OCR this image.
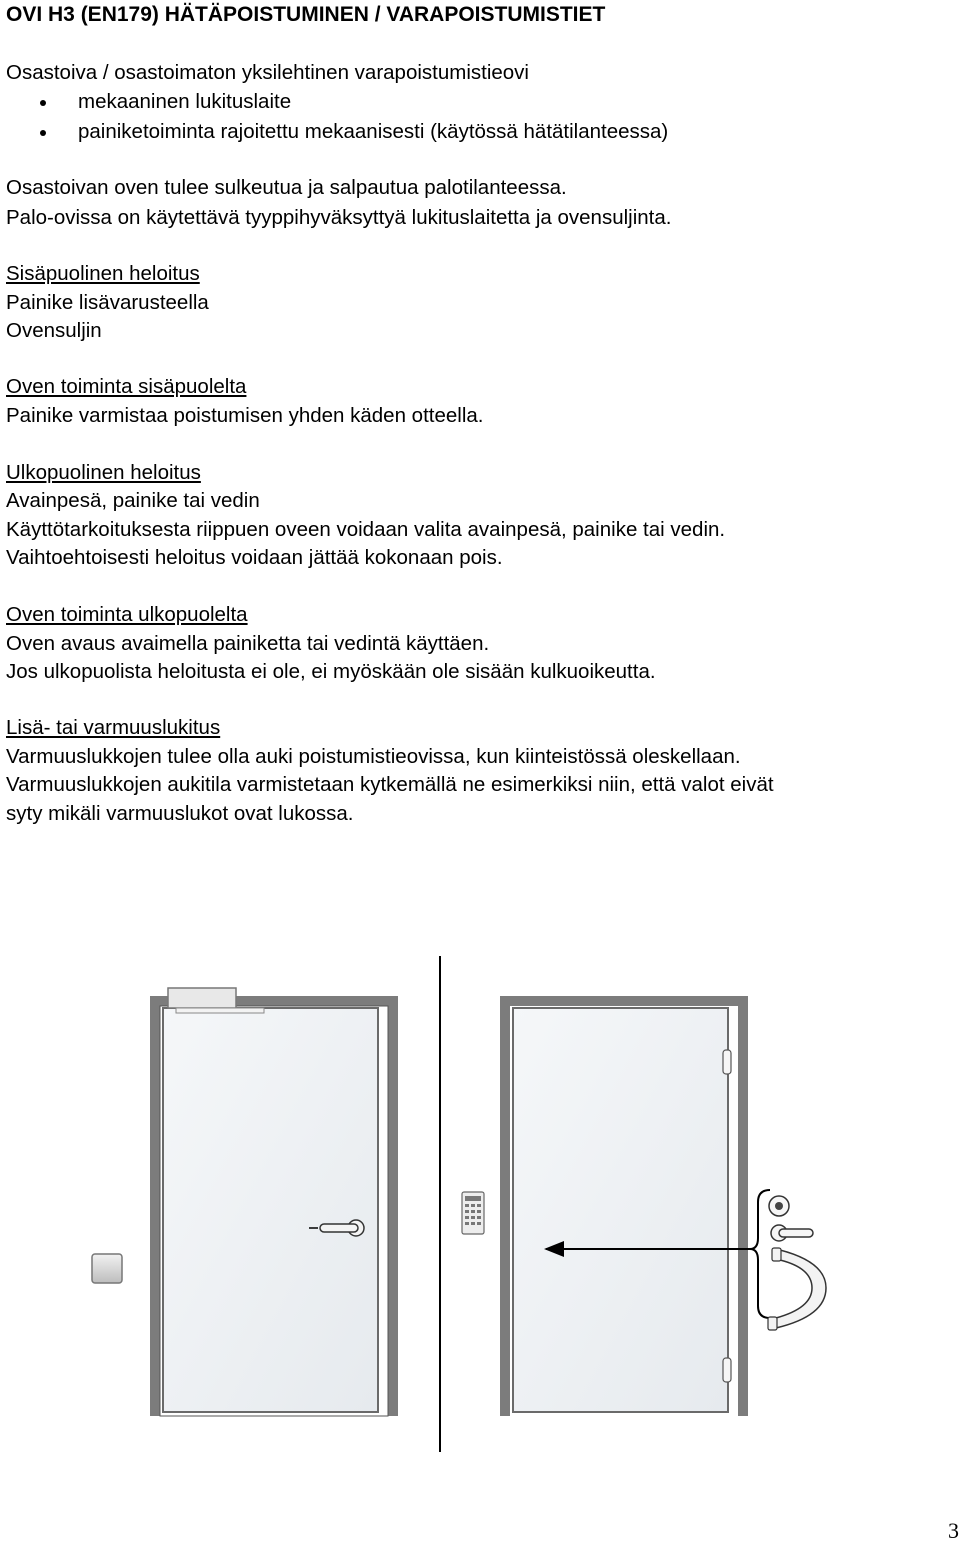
OVI H3 (EN179) HÄTÄPOISTUMINEN / VARAPOISTUMISTIET
Osastoiva / osastoimaton yksilehtinen varapoistumistieovi
mekaaninen lukituslaite
painiketoiminta rajoitettu mekaanisesti (käytössä hätätilanteessa)
Osastoivan oven tulee sulkeutua ja salpautua palotilanteessa.
Palo-ovissa on käytettävä tyyppihyväksyttyä lukituslaitetta ja ovensuljinta.
Sisäpuolinen heloitus
Painike lisävarusteella
Ovensuljin
Oven toiminta sisäpuolelta
Painike varmistaa poistumisen yhden käden otteella.
Ulkopuolinen heloitus
Avainpesä, painike tai vedin
Käyttötarkoituksesta riippuen oveen voidaan valita avainpesä, painike tai vedin.
Vaihtoehtoisesti heloitus voidaan jättää kokonaan pois.
Oven toiminta ulkopuolelta
Oven avaus avaimella painiketta tai vedintä käyttäen.
Jos ulkopuolista heloitusta ei ole, ei myöskään ole sisään kulkuoikeutta.
Lisä- tai varmuuslukitus
Varmuuslukkojen tulee olla auki poistumistieovissa, kun kiinteistössä oleskellaan.
Varmuuslukkojen aukitila varmistetaan kytkemällä ne esimerkiksi niin, että valot eivät
syty mikäli varmuuslukot ovat lukossa.
3
